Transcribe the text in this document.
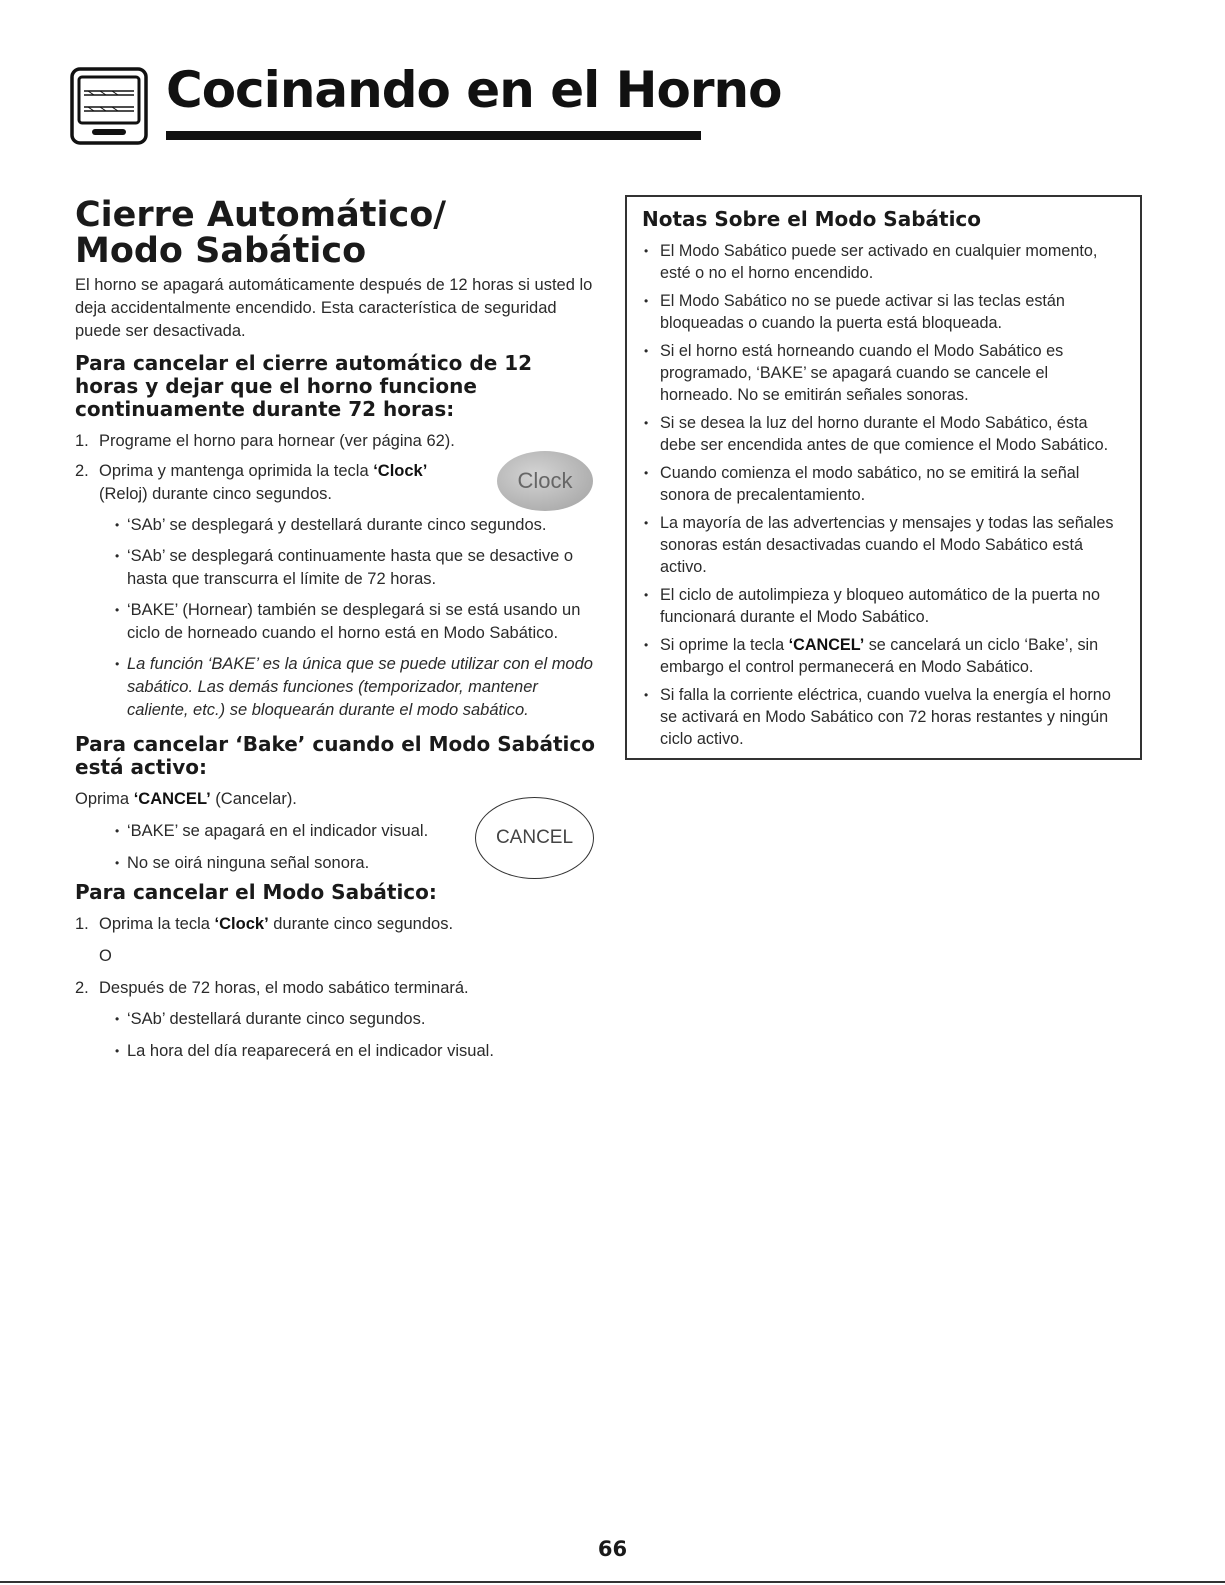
Cocinando en el Horno
Cierre Automático/
Modo Sabático

El horno se apagará automáticamente después de 12 horas si usted lo deja accidentalmente encendido. Esta característica de seguridad puede ser desactivada.

Para cancelar el cierre automático de 12 horas y dejar que el horno funcione continuamente durante 72 horas:
1. Programe el horno para hornear (ver página 62).
2. Oprima y mantenga oprimida la tecla ‘Clock’ (Reloj) durante cinco segundos.
• ‘SAb’ se desplegará y destellará durante cinco segundos.
• ‘SAb’ se desplegará continuamente hasta que se desactive o hasta que transcurra el límite de 72 horas.
• ‘BAKE’ (Hornear) también se desplegará si se está usando un ciclo de horneado cuando el horno está en Modo Sabático.
• La función ‘BAKE’ es la única que se puede utilizar con el modo sabático. Las demás funciones (temporizador, mantener caliente, etc.) se bloquearán durante el modo sabático.
Para cancelar ‘Bake’ cuando el Modo Sabático está activo:

Oprima ‘CANCEL’ (Cancelar).

• ‘BAKE’ se apagará en el indicador visual.
• No se oirá ninguna señal sonora.
Para cancelar el Modo Sabático:
1. Oprima la tecla ‘Clock’ durante cinco segundos.

O

2. Después de 72 horas, el modo sabático terminará.
• ‘SAb’ destellará durante cinco segundos.
• La hora del día reaparecerá en el indicador visual.
Clock
CANCEL
Notas Sobre el Modo Sabático
• El Modo Sabático puede ser activado en cualquier momento, esté o no el horno encendido.
• El Modo Sabático no se puede activar si las teclas están bloqueadas o cuando la puerta está bloqueada.
• Si el horno está horneando cuando el Modo Sabático es programado, ‘BAKE’ se apagará cuando se cancele el horneado. No se emitirán señales sonoras.
• Si se desea la luz del horno durante el Modo Sabático, ésta debe ser encendida antes de que comience el Modo Sabático.
• Cuando comienza el modo sabático, no se emitirá la señal sonora de precalentamiento.
• La mayoría de las advertencias y mensajes y todas las señales sonoras están desactivadas cuando el Modo Sabático está activo.
• El ciclo de autolimpieza y bloqueo automático de la puerta no funcionará durante el Modo Sabático.
• Si oprime la tecla ‘CANCEL’ se cancelará un ciclo ‘Bake’, sin embargo el control permanecerá en Modo Sabático.
• Si falla la corriente eléctrica, cuando vuelva la energía el horno se activará en Modo Sabático con 72 horas restantes y ningún ciclo activo.
66
